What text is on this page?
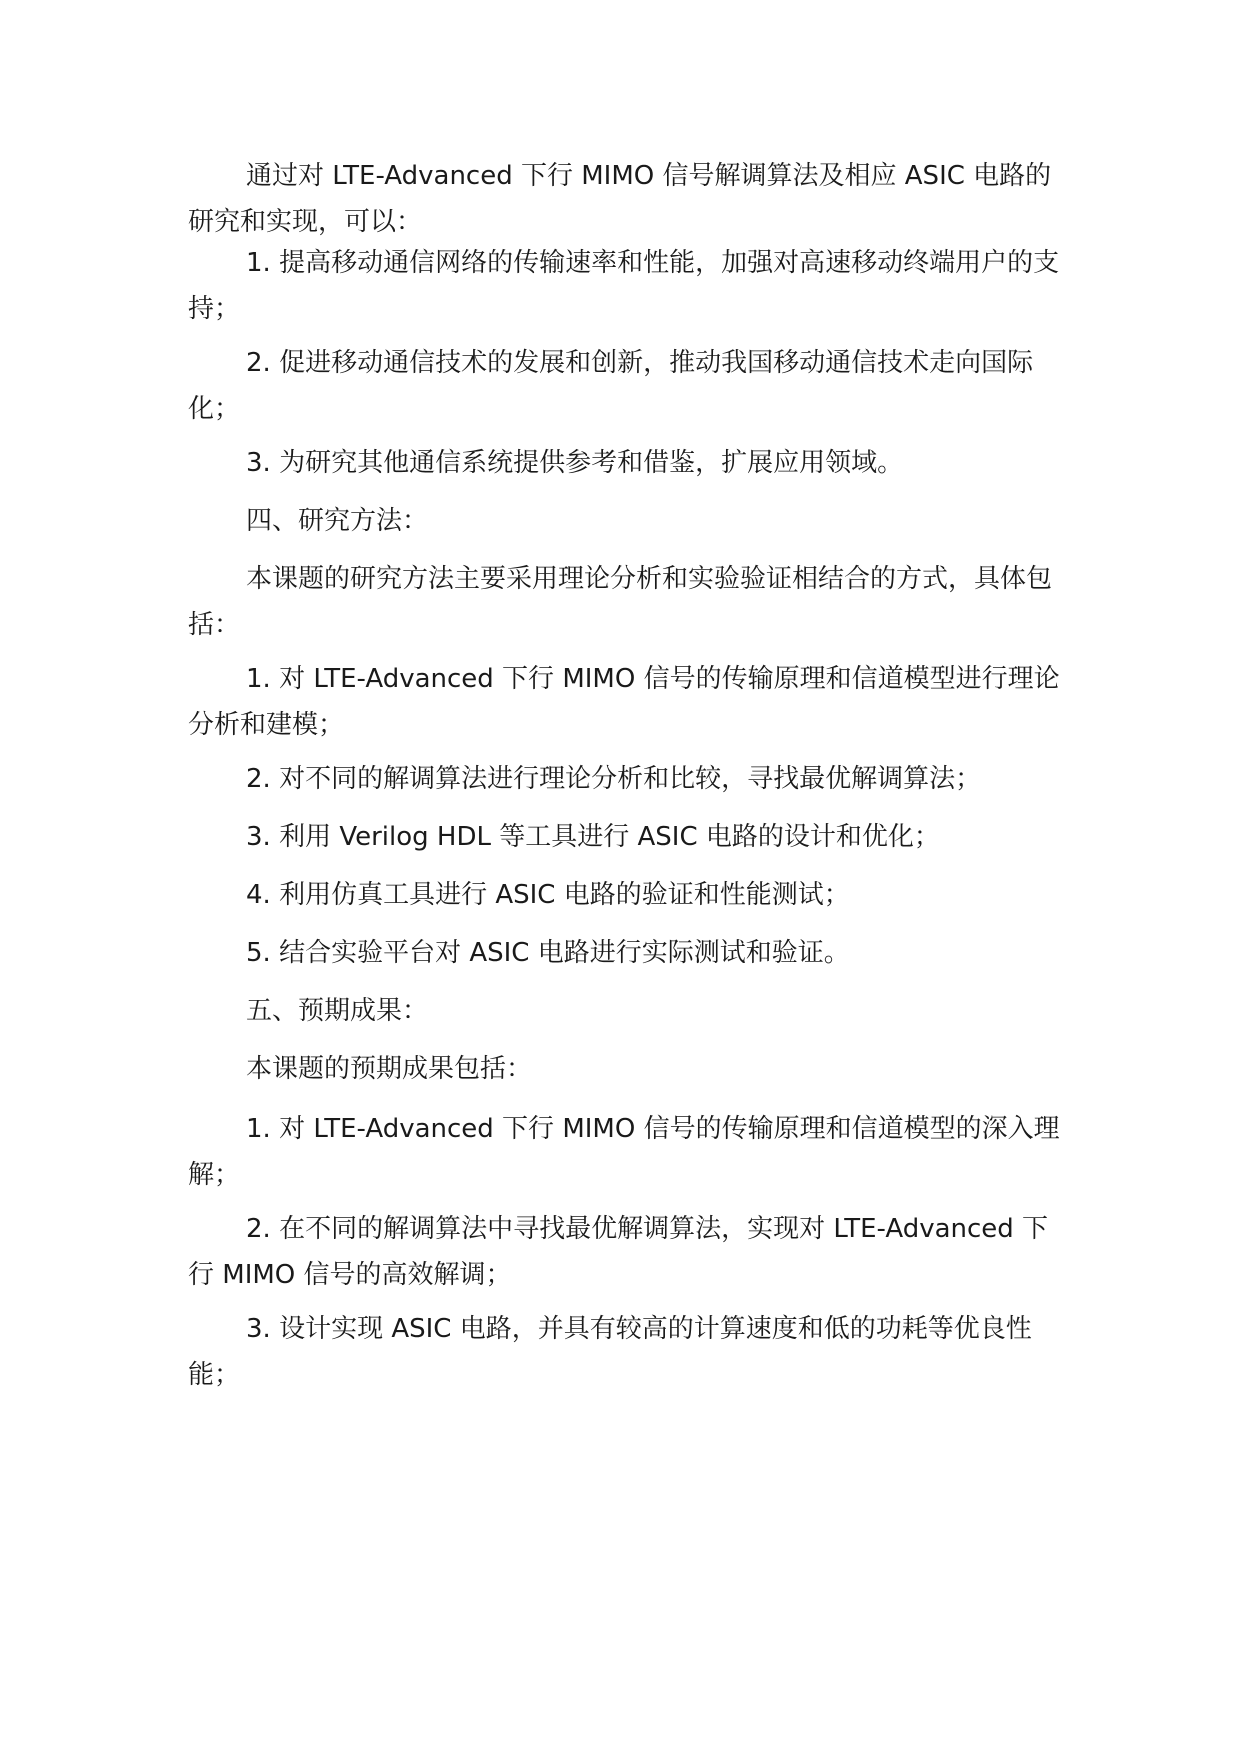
通过对 LTE-Advanced 下行 MIMO 信号解调算法及相应 ASIC 电路的研究和实现，可以：

1. 提高移动通信网络的传输速率和性能，加强对高速移动终端用户的支持；

2. 促进移动通信技术的发展和创新，推动我国移动通信技术走向国际化；

3. 为研究其他通信系统提供参考和借鉴，扩展应用领域。

四、研究方法：

本课题的研究方法主要采用理论分析和实验验证相结合的方式，具体包括：

1. 对 LTE-Advanced 下行 MIMO 信号的传输原理和信道模型进行理论分析和建模；

2. 对不同的解调算法进行理论分析和比较，寻找最优解调算法；

3. 利用 Verilog HDL 等工具进行 ASIC 电路的设计和优化；

4. 利用仿真工具进行 ASIC 电路的验证和性能测试；

5. 结合实验平台对 ASIC 电路进行实际测试和验证。

五、预期成果：

本课题的预期成果包括：

1. 对 LTE-Advanced 下行 MIMO 信号的传输原理和信道模型的深入理解；

2. 在不同的解调算法中寻找最优解调算法，实现对 LTE-Advanced 下行 MIMO 信号的高效解调；

3. 设计实现 ASIC 电路，并具有较高的计算速度和低的功耗等优良性能；
